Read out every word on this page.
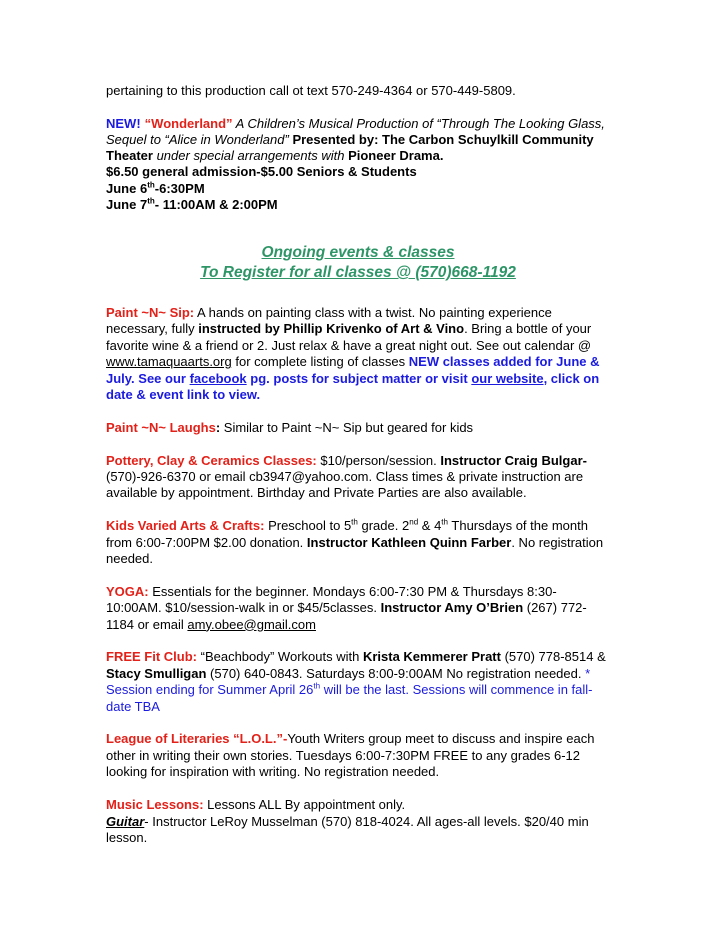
pertaining to this production call ot text 570-249-4364 or 570-449-5809.

NEW! “Wonderland” A Children’s Musical Production of “Through The Looking Glass, Sequel to “Alice in Wonderland” Presented by: The Carbon Schuylkill Community Theater under special arrangements with Pioneer Drama.

$6.50 general admission-$5.00 Seniors & Students

June 6th-6:30PM

June 7th- 11:00AM & 2:00PM

Ongoing events & classes
To Register for all classes @ (570)668-1192

Paint ~N~ Sip: A hands on painting class with a twist. No painting experience necessary, fully instructed by Phillip Krivenko of Art & Vino. Bring a bottle of your favorite wine & a friend or 2. Just relax & have a great night out. See out calendar @ www.tamaquaarts.org for complete listing of classes NEW classes added for June & July. See our facebook pg. posts for subject matter or visit our website, click on date & event link to view.

Paint ~N~ Laughs: Similar to Paint ~N~ Sip but geared for kids

Pottery, Clay & Ceramics Classes: $10/person/session. Instructor Craig Bulgar-(570)-926-6370 or email cb3947@yahoo.com. Class times & private instruction are available by appointment. Birthday and Private Parties are also available.

Kids Varied Arts & Crafts: Preschool to 5th grade. 2nd & 4th Thursdays of the month from 6:00-7:00PM $2.00 donation. Instructor Kathleen Quinn Farber. No registration needed.

YOGA: Essentials for the beginner. Mondays 6:00-7:30 PM & Thursdays 8:30-10:00AM. $10/session-walk in or $45/5classes. Instructor Amy O’Brien (267) 772-1184 or email amy.obee@gmail.com

FREE Fit Club: “Beachbody” Workouts with Krista Kemmerer Pratt (570) 778-8514 & Stacy Smulligan (570) 640-0843. Saturdays 8:00-9:00AM No registration needed. * Session ending for Summer April 26th will be the last. Sessions will commence in fall-date TBA

League of Literaries “L.O.L.”-Youth Writers group meet to discuss and inspire each other in writing their own stories. Tuesdays 6:00-7:30PM FREE to any grades 6-12 looking for inspiration with writing. No registration needed.

Music Lessons: Lessons ALL By appointment only.

Guitar- Instructor LeRoy Musselman (570) 818-4024. All ages-all levels. $20/40 min lesson.
